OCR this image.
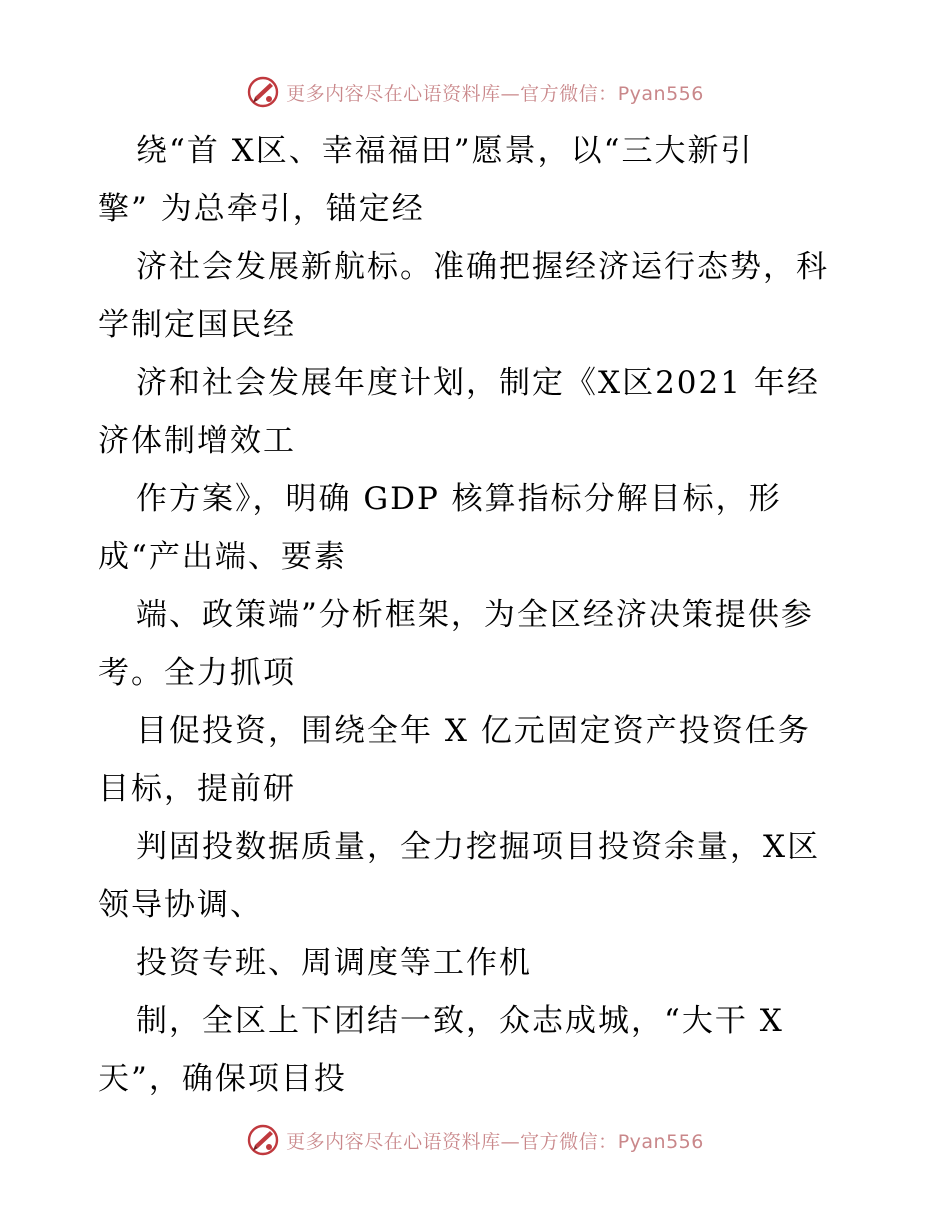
更多内容尽在心语资料库—官方微信：Pyan556
绕“首 X区、幸福福田”愿景，以“三大新引
擎” 为总牵引，锚定经
济社会发展新航标。准确把握经济运行态势，科
学制定国民经
济和社会发展年度计划，制定《X区2021 年经
济体制增效工
作方案》，明确 GDP 核算指标分解目标，形
成“产出端、要素
端、政策端”分析框架，为全区经济决策提供参
考。全力抓项
目促投资，围绕全年 X 亿元固定资产投资任务
目标，提前研
判固投数据质量，全力挖掘项目投资余量，X区
领导协调、
投资专班、周调度等工作机
制，全区上下团结一致，众志成城，“大干 X
天”，确保项目投
更多内容尽在心语资料库—官方微信：Pyan556
